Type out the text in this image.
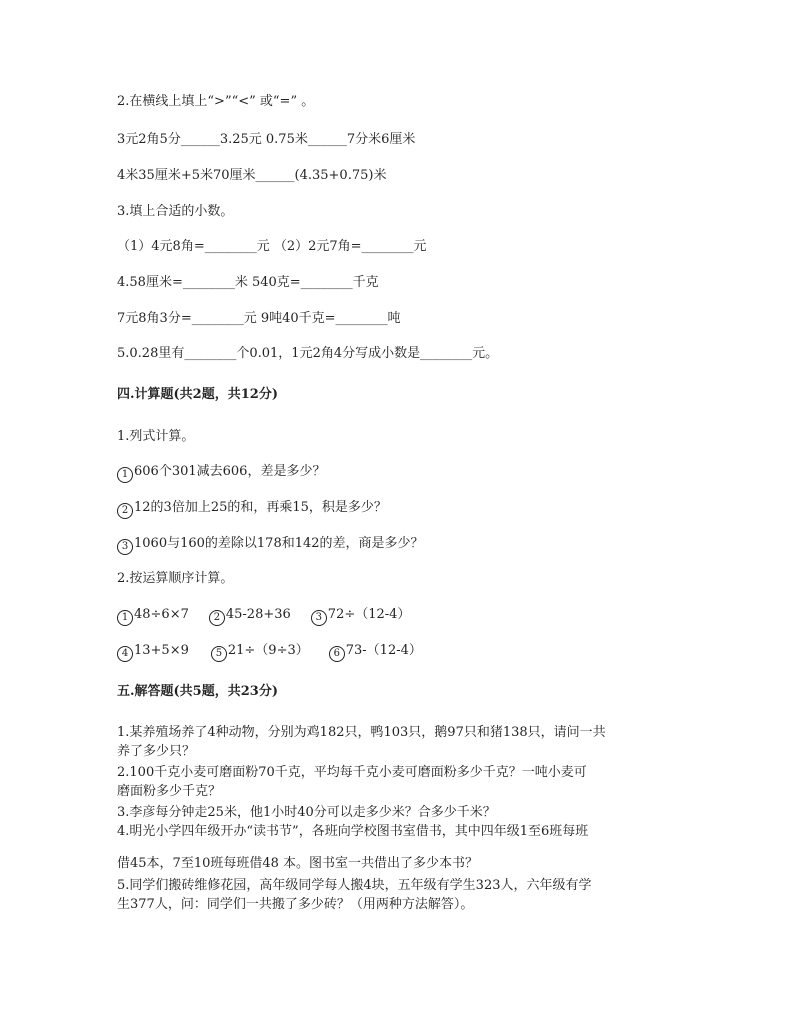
2.在横线上填上“>”“<” 或“=” 。
3元2角5分______3.25元 0.75米______7分米6厘米
4米35厘米+5米70厘米______(4.35+0.75)米
3.填上合适的小数。
（1）4元8角=________元 （2）2元7角=________元
4.58厘米=________米 540克=________千克
7元8角3分=________元 9吨40千克=________吨
5.0.28里有________个0.01，1元2角4分写成小数是________元。
四.计算题(共2题，共12分)
1.列式计算。
1 606个301减去606，差是多少？
2 12的3倍加上25的和，再乘15，积是多少？
3 1060与160的差除以178和142的差，商是多少？
2.按运算顺序计算。
1 48÷6×7 2 45-28+36 3 72÷（12-4）
4 13+5×9	5 21÷（9÷3） 6 73-（12-4）
五.解答题(共5题，共23分)
1.某养殖场养了4种动物，分别为鸡182只，鸭103只，鹅97只和猪138只，请问一共
养了多少只？
2.100千克小麦可磨面粉70千克，平均每千克小麦可磨面粉多少千克？一吨小麦可
磨面粉多少千克？
3.李彦每分钟走25米，他1小时40分可以走多少米？合多少千米？
4.明光小学四年级开办“读书节”，各班向学校图书室借书，其中四年级1至6班每班
借45本，7至10班每班借48 本。图书室一共借出了多少本书？
5.同学们搬砖维修花园，高年级同学每人搬4块，五年级有学生323人，六年级有学
生377人，问：同学们一共搬了多少砖？（用两种方法解答）。
